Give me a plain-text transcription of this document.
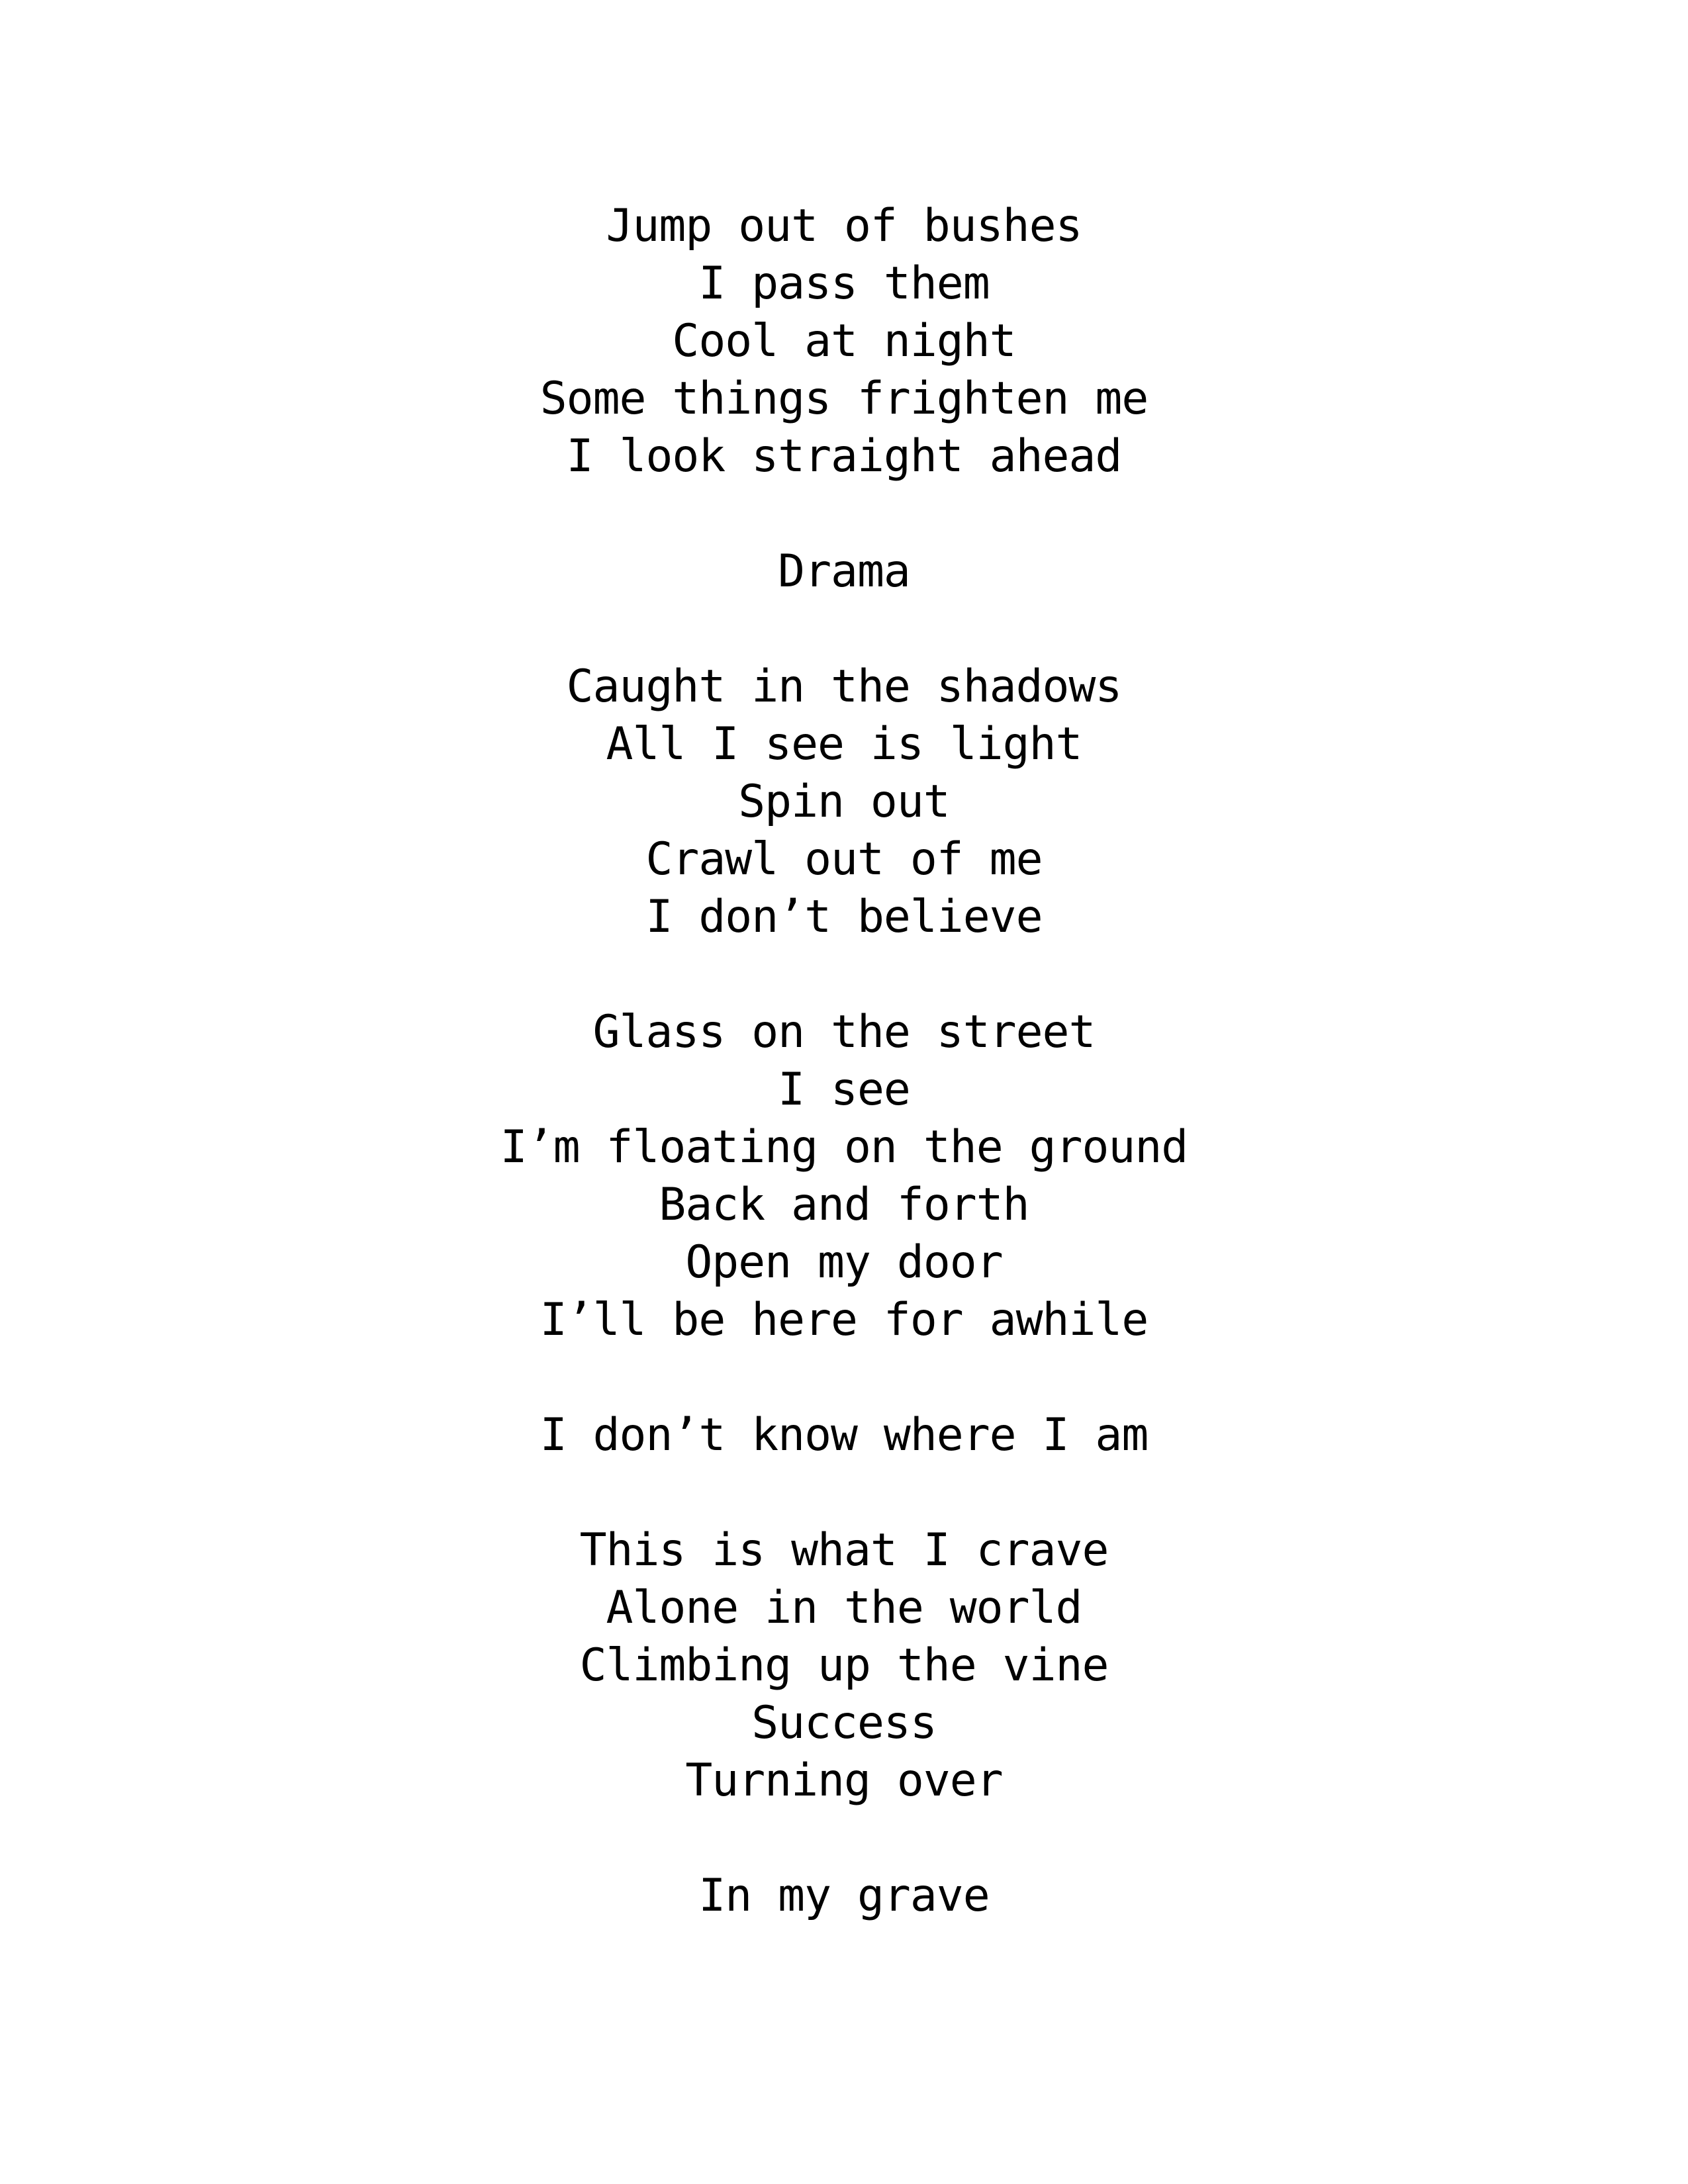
Jump out of bushes
I pass them
Cool at night
Some things frighten me
I look straight ahead
Drama
Caught in the shadows
All I see is light
Spin out
Crawl out of me
I don’t believe
Glass on the street
I see
I’m floating on the ground
Back and forth
Open my door
I’ll be here for awhile
I don’t know where I am
This is what I crave
Alone in the world
Climbing up the vine
Success
Turning over
In my grave
